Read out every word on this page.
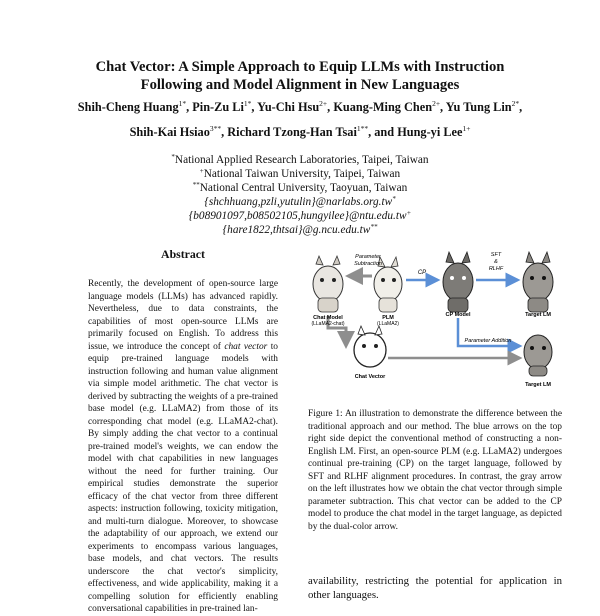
Chat Vector: A Simple Approach to Equip LLMs with Instruction
Following and Model Alignment in New Languages
Shih-Cheng Huang$^{1*}$, Pin-Zu $Li^{1*}$, Yu-Chi Hsu$^{2+}$, Kuang-Ming Chen$^{2+}$, Yu Tung Lin$^{2*}$,
Shih-Kai Hsiao$^{3**}$, Richard Tzong-Han Tsai$^{1**}$, and Hung-yi Lee$^{1+}$
*National Applied Research Laboratories, Taipei, Taiwan
+National Taiwan University, Taipei, Taiwan
**National Central University, Taoyuan, Taiwan
{shchhuang,pzli,yutulin}@narlabs.org.tw*
{b08901097,b08502105,hungyilee}@ntu.edu.tw+
{hare1822,thtsai}@g.ncu.edu.tw**
Abstract
Recently, the development of open-source large language models (LLMs) has advanced rapidly. Nevertheless, due to data constraints, the capabilities of most open-source LLMs are primarily focused on English. To address this issue, we introduce the concept of chat vector to equip pre-trained language models with instruction following and human value alignment via simple model arithmetic. The chat vector is derived by subtracting the weights of a pre-trained base model (e.g. LLaMA2) from those of its corresponding chat model (e.g. LLaMA2-chat). By simply adding the chat vector to a continual pre-trained model's weights, we can endow the model with chat capabilities in new languages without the need for further training. Our empirical studies demonstrate the superior efficacy of the chat vector from three different aspects: instruction following, toxicity mitigation, and multi-turn dialogue. Moreover, to showcase the adaptability of our approach, we extend our experiments to encompass various languages, base models, and chat vectors. The results underscore the chat vector's simplicity, effectiveness, and wide applicability, making it a compelling solution for efficiently enabling conversational capabilities in pre-trained lan-
Parameter
Subtraction
CP
SFT
&
RLHF
Chat Model
(LLaMA2-chat)
PLM
(LLaMA2)
CP Model	Target LM
Chat Vector
Parameter Addition
Target LM
Figure 1: An illustration to demonstrate the difference between the traditional approach and our method. The blue arrows on the top right side depict the conventional method of constructing a non-English LM. First, an open-source PLM (e.g. LLaMA2) undergoes continual pre-training (CP) on the target language, followed by SFT and RLHF alignment procedures. In contrast, the gray arrow on the left illustrates how we obtain the chat vector through simple parameter subtraction. This chat vector can be added to the CP model to produce the chat model in the target language, as depicted by the dual-color arrow.
availability, restricting the potential for application in other languages.
